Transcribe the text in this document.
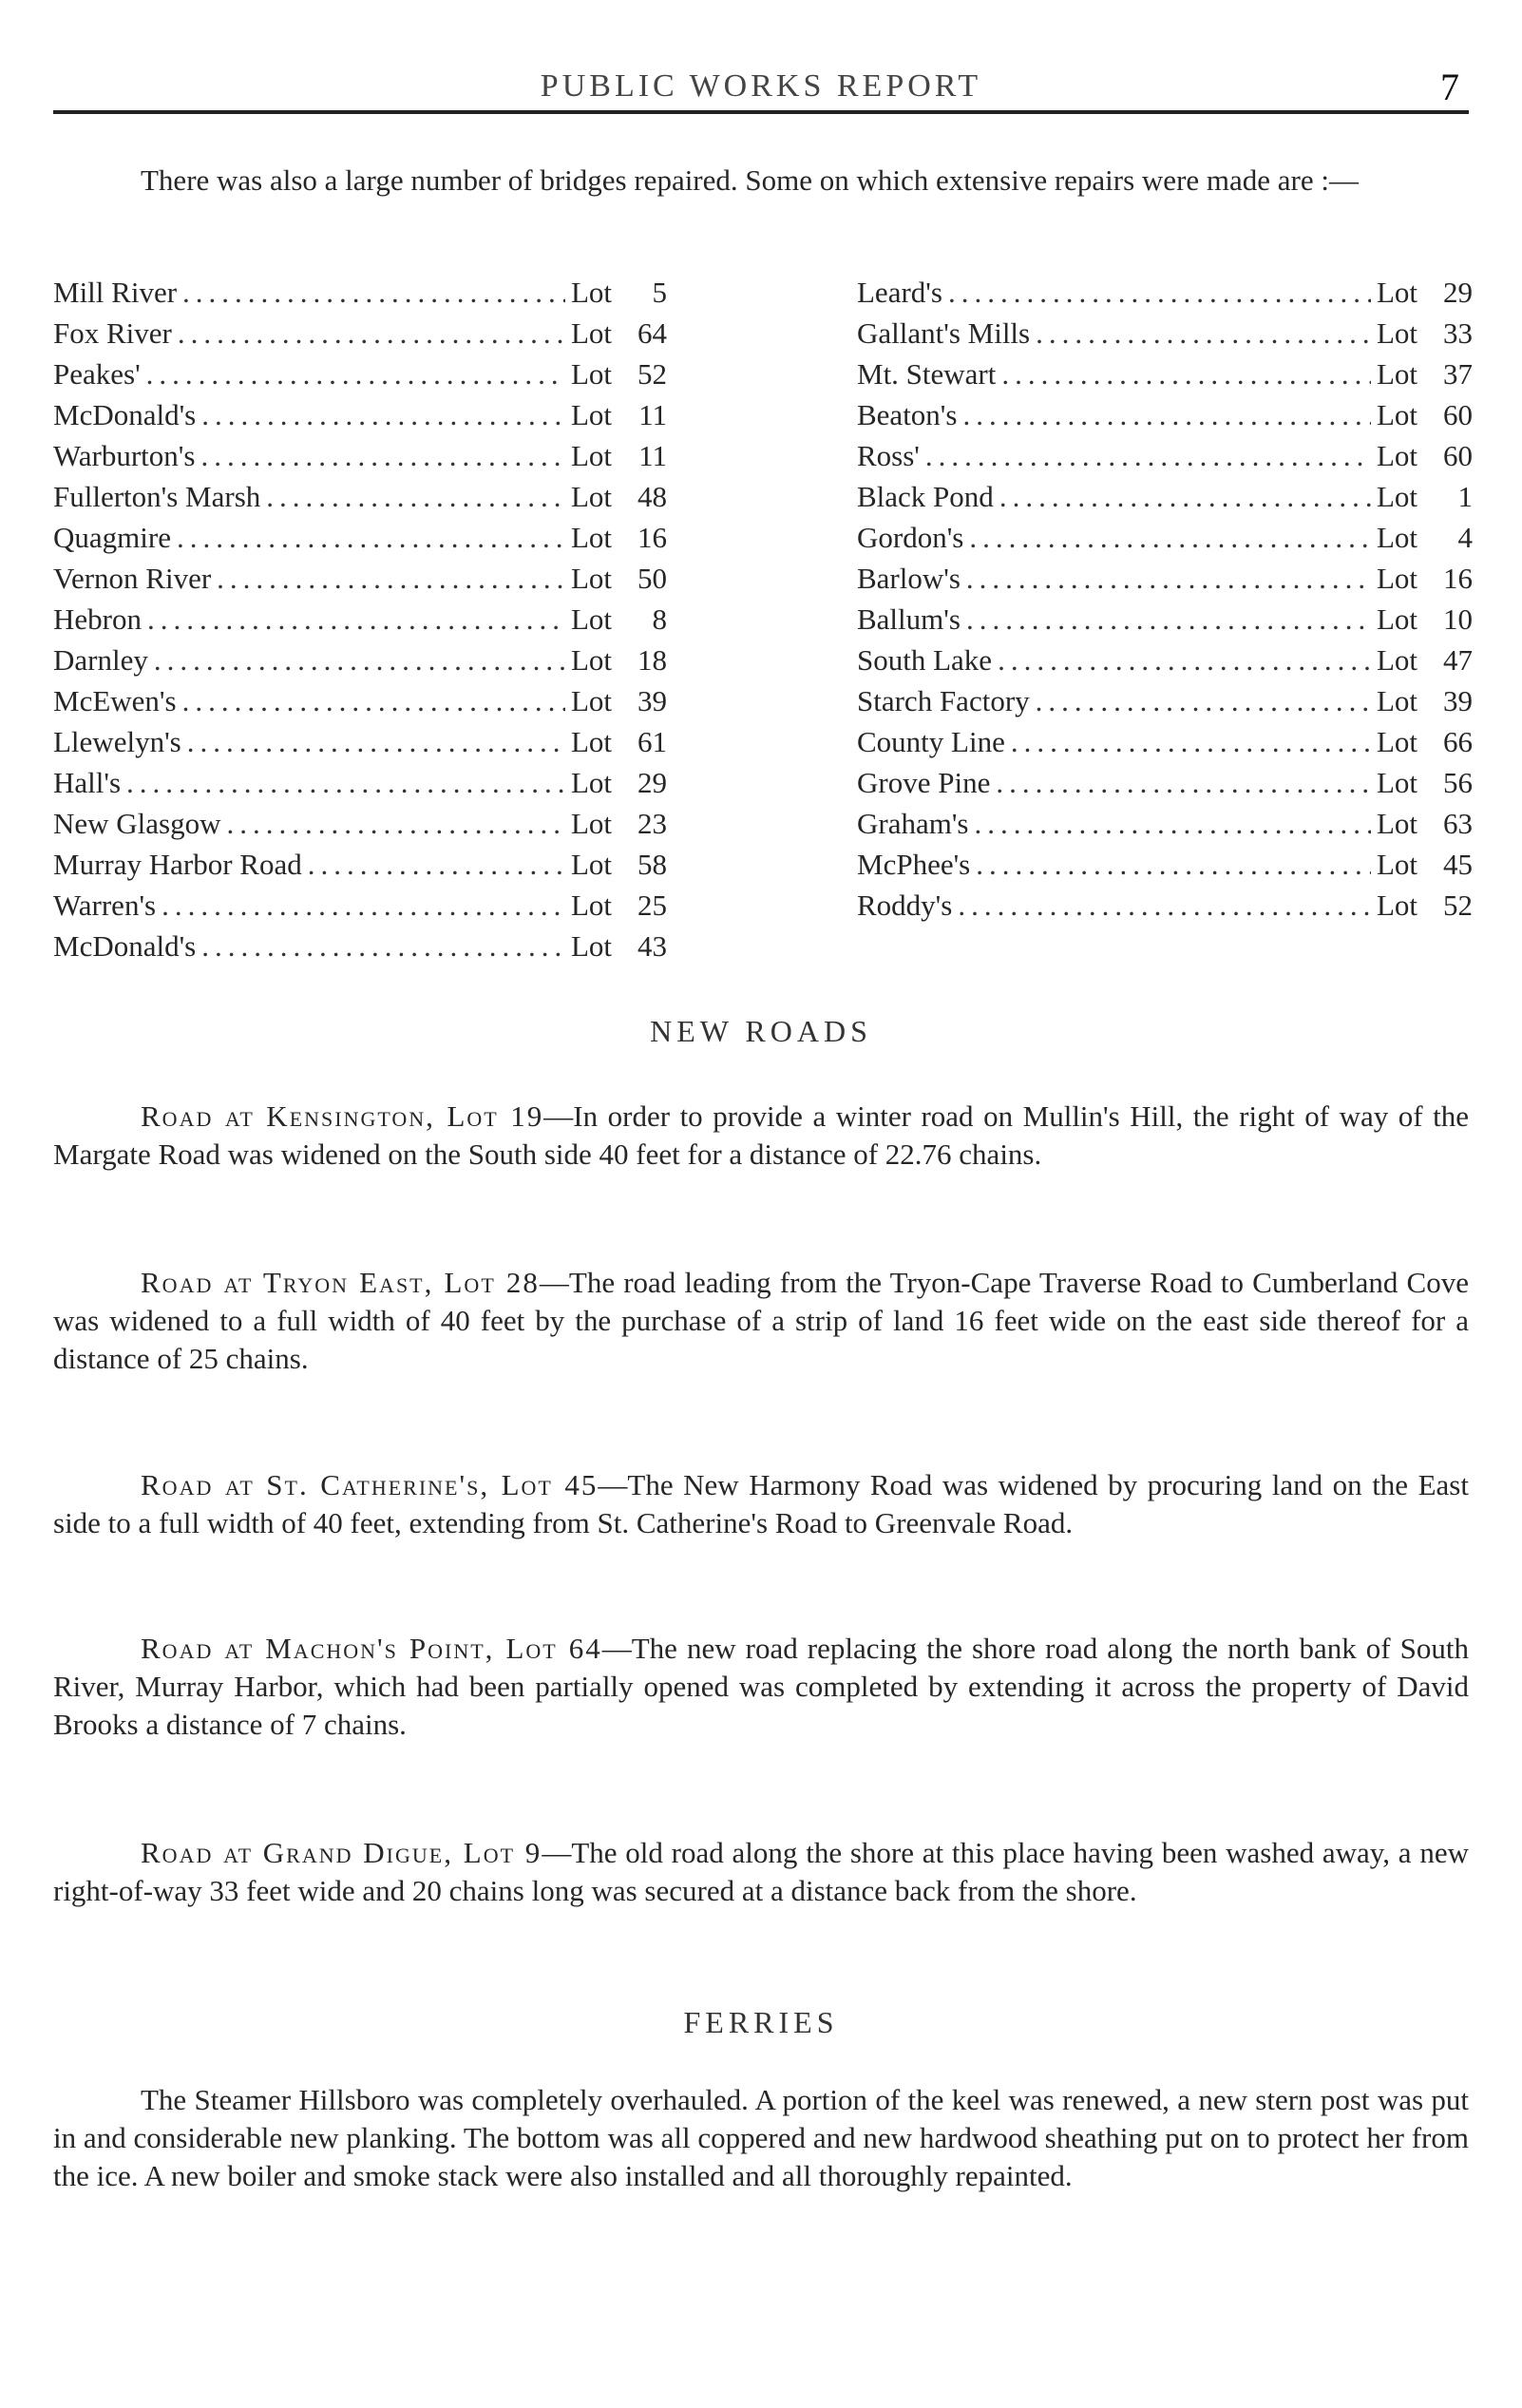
PUBLIC WORKS REPORT	7

There was also a large number of bridges repaired. Some on which extensive repairs were made are :—

Mill River .....	Lot	5
Fox River .....	Lot 64
Peakes' .....	Lot 52
McDonald's .....	Lot 11
Warburton's .....	Lot 11
Fullerton's Marsh .....	Lot 48
Quagmire .....	Lot 16
Vernon River .....	Lot 50
Hebron .....	Lot	8
Darnley .....	Lot 18
McEwen's .....	Lot 39
Llewelyn's .....	Lot 61
Hall's .....	Lot 29
New Glasgow .....	Lot 23
Murray Harbor Road .....	Lot 58
Warren's .....	Lot 25
McDonald's .....	Lot 43
Leard's .....	Lot 29
Gallant's Mills .....	Lot 33
Mt. Stewart .....	Lot 37
Beaton's .....	Lot 60
Ross' .....	Lot 60
Black Pond .....	Lot	1
Gordon's .....	Lot	4
Barlow's .....	Lot 16
Ballum's .....	Lot 10
South Lake .....	Lot 47
Starch Factory .....	Lot 39
County Line .....	Lot 66
Grove Pine .....	Lot 56
Graham's .....	Lot 63
McPhee's .....	Lot 45
Roddy's .....	Lot 52
NEW ROADS

Road at Kensington, Lot 19—In order to provide a winter road on Mullin's Hill, the right of way of the Margate Road was widened on the South side 40 feet for a distance of 22.76 chains.

Road at Tryon East, Lot 28—The road leading from the Tryon-Cape Traverse Road to Cumberland Cove was widened to a full width of 40 feet by the purchase of a strip of land 16 feet wide on the east side thereof for a distance of 25 chains.

Road at St. Catherine's, Lot 45—The New Harmony Road was widened by procuring land on the East side to a full width of 40 feet, extending from St. Catherine's Road to Greenvale Road.

Road at Machon's Point, Lot 64—The new road replacing the shore road along the north bank of South River, Murray Harbor, which had been partially opened was completed by extending it across the property of David Brooks a distance of 7 chains.

Road at Grand Digue, Lot 9—The old road along the shore at this place having been washed away, a new right-of-way 33 feet wide and 20 chains long was secured at a distance back from the shore.

FERRIES

The Steamer Hillsboro was completely overhauled. A portion of the keel was renewed, a new stern post was put in and considerable new planking. The bottom was all coppered and new hardwood sheathing put on to protect her from the ice. A new boiler and smoke stack were also installed and all thoroughly repainted.
